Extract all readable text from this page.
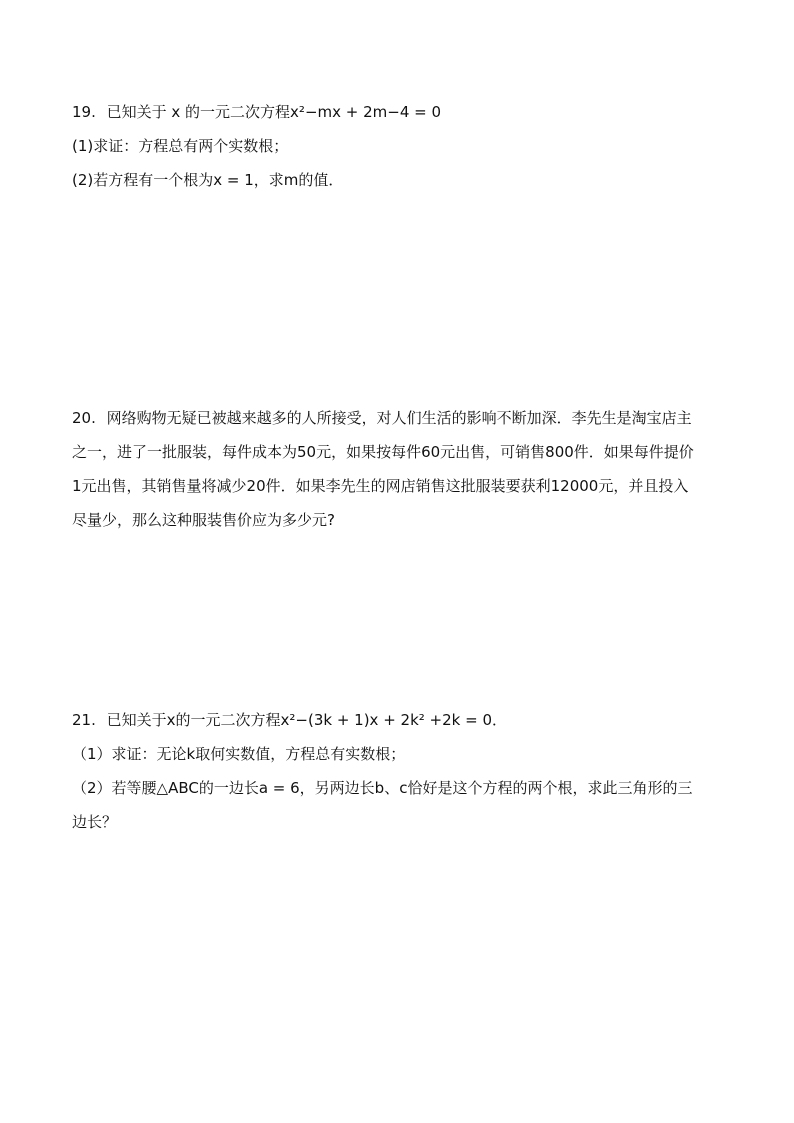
19. 已知关于 x 的一元二次方程x²−mx + 2m−4 = 0
(1)求证：方程总有两个实数根；
(2)若方程有一个根为x = 1，求m的值．
20. 网络购物无疑已被越来越多的人所接受，对人们生活的影响不断加深．李先生是淘宝店主
之一，进了一批服装，每件成本为50元，如果按每件60元出售，可销售800件．如果每件提价
1元出售，其销售量将减少20件．如果李先生的网店销售这批服装要获利12000元，并且投入
尽量少，那么这种服装售价应为多少元?
21. 已知关于x的一元二次方程x²−(3k + 1)x + 2k² +2k = 0．
（1）求证：无论k取何实数值，方程总有实数根；
（2）若等腰△ABC的一边长a = 6，另两边长b、c恰好是这个方程的两个根，求此三角形的三
边长？
